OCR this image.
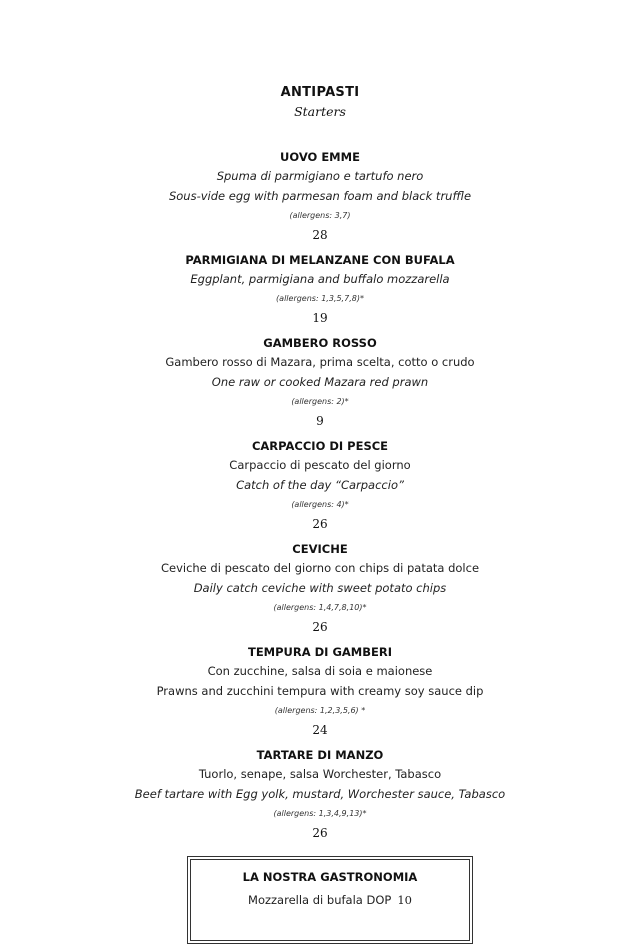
ANTIPASTI
Starters
UOVO EMME
Spuma di parmigiano e tartufo nero
Sous-vide egg with parmesan foam and black truffle
(allergens: 3,7)
28
PARMIGIANA DI MELANZANE CON BUFALA
Eggplant, parmigiana and buffalo mozzarella
(allergens: 1,3,5,7,8)*
19
GAMBERO ROSSO
Gambero rosso di Mazara, prima scelta, cotto o crudo
One raw or cooked Mazara red prawn
(allergens: 2)*
9
CARPACCIO DI PESCE
Carpaccio di pescato del giorno
Catch of the day “Carpaccio”
(allergens: 4)*
26
CEVICHE
Ceviche di pescato del giorno con chips di patata dolce
Daily catch ceviche with sweet potato chips
(allergens: 1,4,7,8,10)*
26
TEMPURA DI GAMBERI
Con zucchine, salsa di soia e maionese
Prawns and zucchini tempura with creamy soy sauce dip
(allergens: 1,2,3,5,6) *
24
TARTARE DI MANZO
Tuorlo, senape, salsa Worchester, Tabasco
Beef tartare with Egg yolk, mustard, Worchester sauce, Tabasco
(allergens: 1,3,4,9,13)*
26
LA NOSTRA GASTRONOMIA
Mozzarella di bufala DOP 10
